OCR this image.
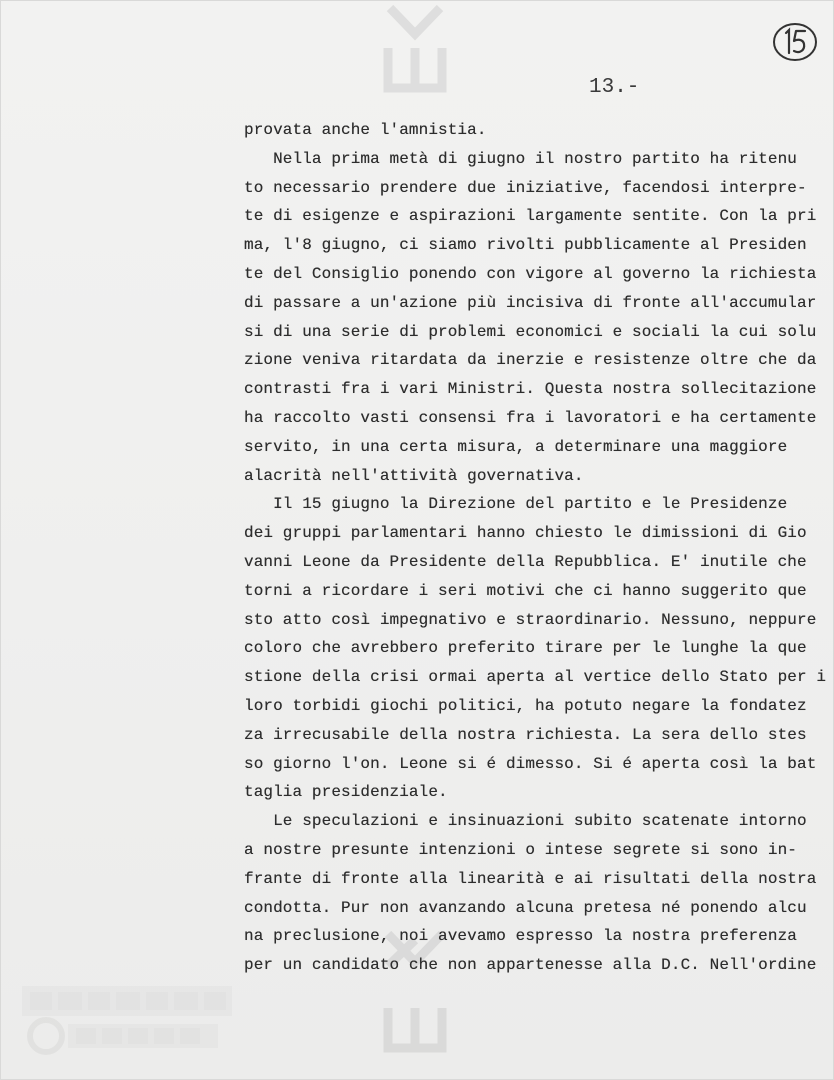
13.-
provata anche l'amnistia.
Nella prima metà di giugno il nostro partito ha ritenu
to necessario prendere due iniziative, facendosi interpre-
te di esigenze e aspirazioni largamente sentite. Con la pri
ma, l'8 giugno, ci siamo rivolti pubblicamente al Presiden
te del Consiglio ponendo con vigore al governo la richiesta
di passare a un'azione più incisiva di fronte all'accumular
si di una serie di problemi economici e sociali la cui solu
zione veniva ritardata da inerzie e resistenze oltre che da
contrasti fra i vari Ministri. Questa nostra sollecitazione
ha raccolto vasti consensi fra i lavoratori e ha certamente
servito, in una certa misura, a determinare una maggiore
alacrità nell'attività governativa.
Il 15 giugno la Direzione del partito e le Presidenze
dei gruppi parlamentari hanno chiesto le dimissioni di Gio
vanni Leone da Presidente della Repubblica. E' inutile che
torni a ricordare i seri motivi che ci hanno suggerito que
sto atto così impegnativo e straordinario. Nessuno, neppure
coloro che avrebbero preferito tirare per le lunghe la que
stione della crisi ormai aperta al vertice dello Stato per i
loro torbidi giochi politici, ha potuto negare la fondatez
za irrecusabile della nostra richiesta. La sera dello stes
so giorno l'on. Leone si é dimesso. Si é aperta così la bat
taglia presidenziale.
Le speculazioni e insinuazioni subito scatenate intorno
a nostre presunte intenzioni o intese segrete si sono in-
frante di fronte alla linearità e ai risultati della nostra
condotta. Pur non avanzando alcuna pretesa né ponendo alcu
na preclusione, noi avevamo espresso la nostra preferenza
per un candidato che non appartenesse alla D.C. Nell'ordine
